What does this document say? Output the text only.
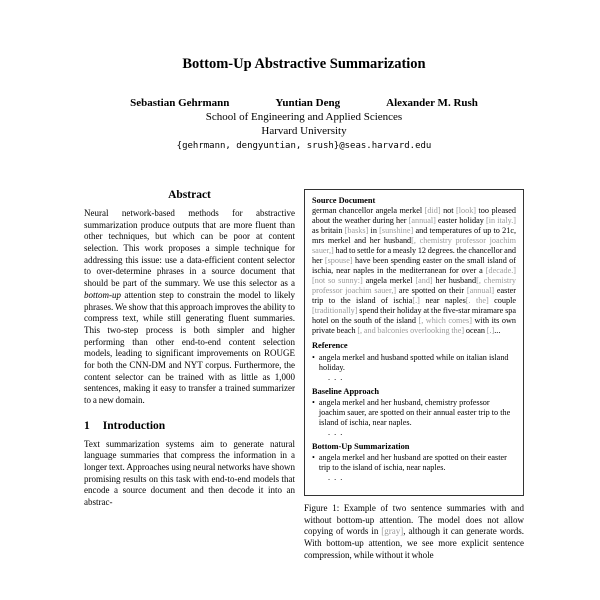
Bottom-Up Abstractive Summarization
Sebastian Gehrmann	Yuntian Deng	Alexander M. Rush
School of Engineering and Applied Sciences
Harvard University
{gehrmann, dengyuntian, srush}@seas.harvard.edu
Abstract

Neural network-based methods for abstractive summarization produce outputs that are more fluent than other techniques, but which can be poor at content selection. This work proposes a simple technique for addressing this issue: use a data-efficient content selector to over-determine phrases in a source document that should be part of the summary. We use this selector as a bottom-up attention step to constrain the model to likely phrases. We show that this approach improves the ability to compress text, while still generating fluent summaries. This two-step process is both simpler and higher performing than other end-to-end content selection models, leading to significant improvements on ROUGE for both the CNN-DM and NYT corpus. Furthermore, the content selector can be trained with as little as 1,000 sentences, making it easy to transfer a trained summarizer to a new domain.

1 Introduction

Text summarization systems aim to generate natural language summaries that compress the information in a longer text. Approaches using neural networks have shown promising results on this task with end-to-end models that encode a source document and then decode it into an abstrac-

Source Document

german chancellor angela merkel [did] not [look] too pleased about the weather during her [annual] easter holiday [in italy.] as britain [basks] in [sunshine] and temperatures of up to 21c, mrs merkel and her husband[, chemistry professor joachim sauer,] had to settle for a measly 12 degrees. the chancellor and her [spouse] have been spending easter on the small island of ischia, near naples in the mediterranean for over a [decade.] [not so sunny:] angela merkel [and] her husband[, chemistry professor joachim sauer,] are spotted on their [annual] easter trip to the island of ischia[.] near naples[. the] couple [traditionally] spend their holiday at the five-star miramare spa hotel on the south of the island [, which comes] with its own private beach [, and balconies overlooking the] ocean [.]...

Reference
• angela merkel and husband spotted while on italian island holiday.
. . .
Baseline Approach
• angela merkel and her husband, chemistry professor joachim sauer, are spotted on their annual easter trip to the island of ischia, near naples.
. . .
Bottom-Up Summarization
• angela merkel and her husband are spotted on their easter trip to the island of ischia, near naples.
. . .

Figure 1: Example of two sentence summaries with and without bottom-up attention. The model does not allow copying of words in [gray], although it can generate words. With bottom-up attention, we see more explicit sentence compression, while without it whole
